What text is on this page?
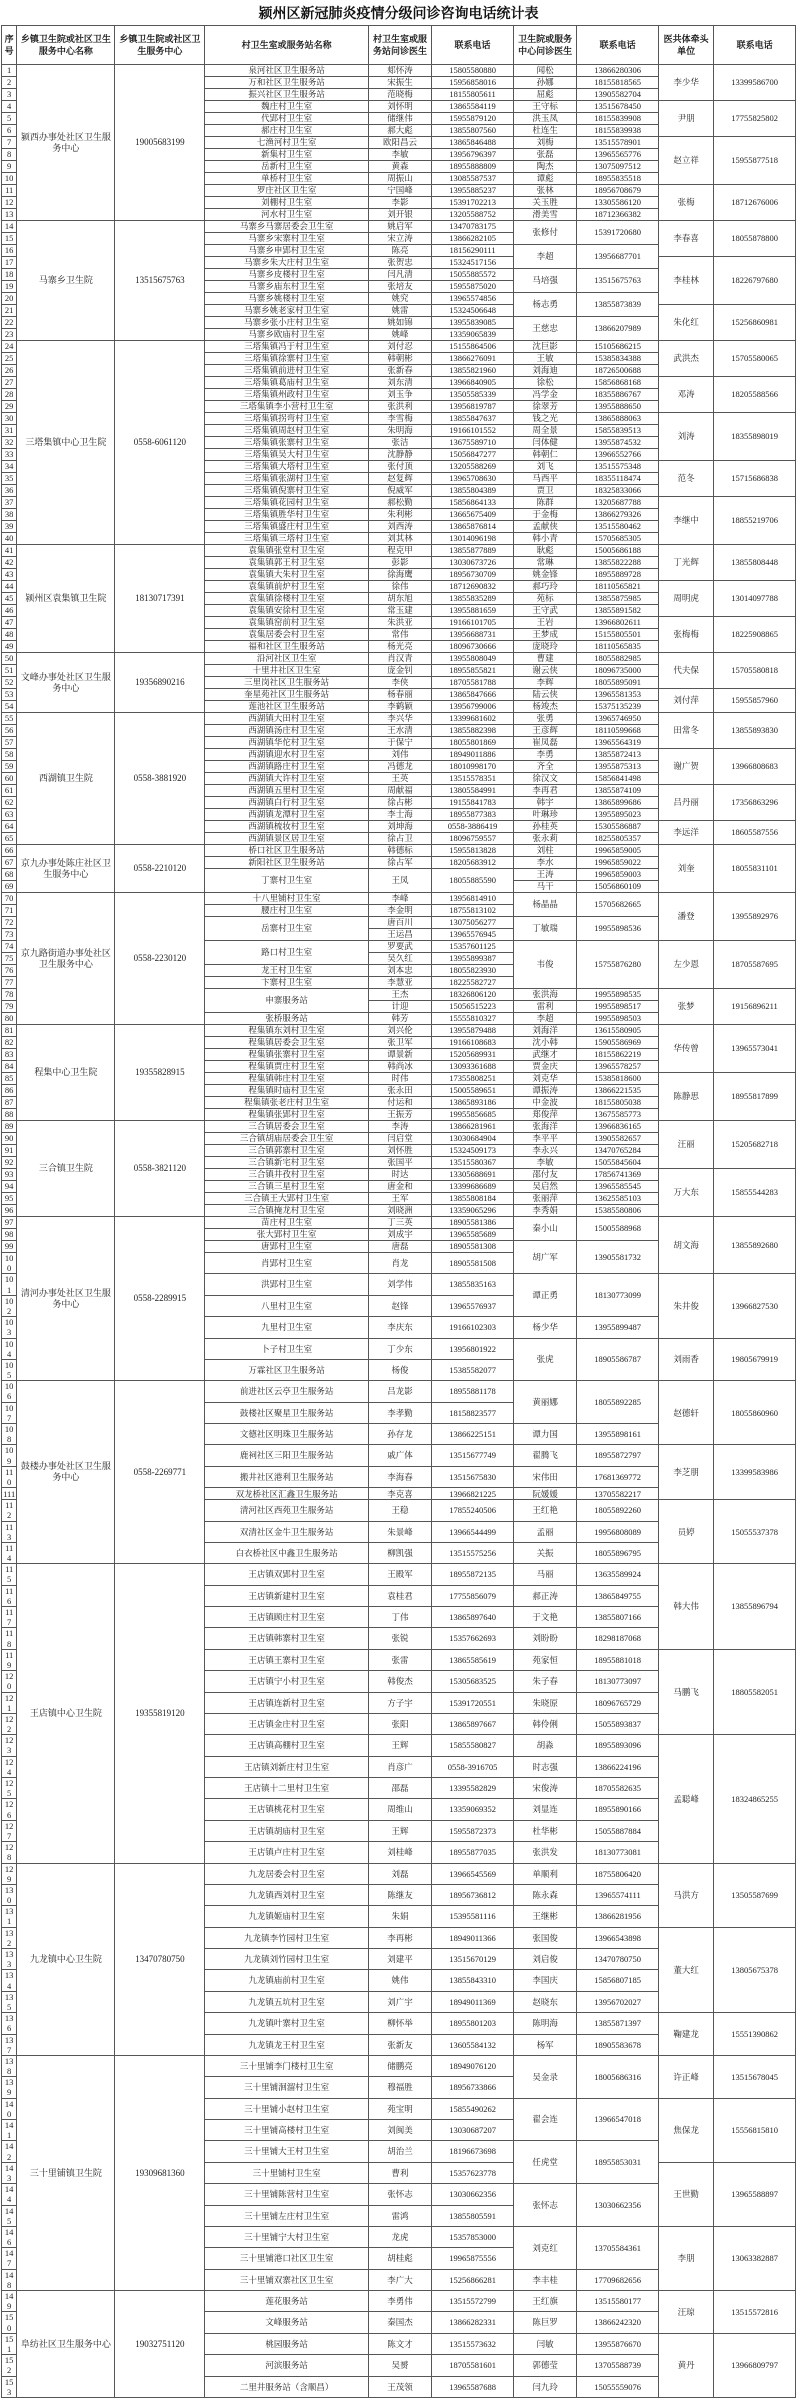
颍州区新冠肺炎疫情分级问诊咨询电话统计表
序号	乡镇卫生院或社区卫生服务中心名称	乡镇卫生院或社区卫生服务中心	村卫生室或服务站名称	村卫生室或服务站问诊医生	联系电话	卫生院或服务中心问诊医生	联系电话	医共体牵头单位	联系电话
1	颍西办事处社区卫生服务中心	19005683199	泉河社区卫生服务站	郏怀涛	15805580880	闻松	13866280306	李少华	13399586700
2			万和社区卫生服务站	宋振生	15956858016	孙娜	18155818565		
3			振兴社区卫生服务站	范晓梅	18155805611	屈彪	13905582704		
4			魏庄村卫生室	刘怀明	13865584119	王守标	13515678450	尹朋	17755825802
5			代郢村卫生室	储继伟	15955879120	洪玉凤	18155839908		
6			郝庄村卫生室	郝大彪	13855807560	杜连生	18155839938		
7			七渔河村卫生室	欧阳昌云	13865846488	刘梅	13515578901	赵立祥	15955877518
8			新集村卫生室	李敏	13956796397	张磊	13965565776		
9			岳新村卫生室	黄森	18955888809	陶杰	13075097512		
10			单桥村卫生室	周振山	13085587537	谭彪	18955835518		
11			罗庄社区卫生室	宁国峰	13955885237	张林	18956708679	张梅	18712676006
12			刘棚村卫生室	李影	15391702213	关玉胜	13305586120		
13			河水村卫生室	刘开银	13205588752	滑美雪	18712366382		
14	马寨乡卫生院	13515675763	马寨乡马寨居委会卫生室	姚启军	13470783175	张修付	15391720680	李春喜	18055878800
15			马寨乡宋寨村卫生室	宋立涛	13866282105				
16			马寨乡申郢村卫生室	陈亮	18156290111	李超	13956687701		
17			马寨乡朱大庄村卫生室	张贺忠	15324517156			李桂林	18226797680
18			马寨乡皮楼村卫生室	闫凡清	15055885572	马培强	13515675763		
19			马寨乡庙东村卫生室	张培友	15955875020				
20			马寨乡姚楼村卫生室	姚究	13965574856	杨志勇	13855873839		
21			马寨乡姚老家村卫生室	姚雷	15324506648			朱化红	15256860981
22			马寨乡张小庄村卫生室	姚如锦	13955839085	王慈忠	13866207989		
23			马寨乡欧庙村卫生室	姚峰	13359065839				
24	三塔集镇中心卫生院	0558-6061120	三塔集镇冯于村卫生室	刘付忍	15155864506	沈巨影	15105686215	武洪杰	15705580065
25			三塔集镇徐寨村卫生室	韩朝彬	13866276091	王敏	15385834388		
26			三塔集镇前进村卫生室	张新春	13855821960	刘海迪	18726500688		
27			三塔集镇葛庙村卫生室	刘东清	13966840905	徐松	15856868168	邓涛	18205588566
28			三塔集镇州政村卫生室	刘玉争	13505585339	冯学金	18355886767		
29			三塔集镇李小营村卫生室	张洪利	13956819787	徐翠芳	13955888650		
30			三塔集镇拐弯村卫生室	李雪梅	13855847637	钱之光	13865888063	刘涛	18355898019
31			三塔集镇周赵村卫生室	朱明海	19166101552	周全景	15855839513		
32			三塔集镇张寨村卫生室	张洁	13675589710	闫体健	13955874532		
33			三塔集镇吴大村卫生室	沈静静	15056847277	韩朝仁	13966552766		
34			三塔集镇大塔村卫生室	张付顶	13205588269	刘飞	13515575348	范冬	15715686838
35			三塔集镇张湖村卫生室	赵复辉	13965708630	马西平	18355118474		
36			三塔集镇倪寨村卫生室	倪威军	13855804389	贾卫	18325833066		
37			三塔集镇花园村卫生室	郝松勤	15856864133	陈群	13205687788	李继中	18855219706
38			三塔集镇胜华村卫生室	朱利彬	13665675409	于金梅	13866279326		
39			三塔集镇盛庄村卫生室	刘西涛	13865876814	孟献侠	13515580462		
40			三塔集镇三塔村卫生室	刘其林	13014096198	韩小青	15705685305		
41	颍州区袁集镇卫生院	18130717391	袁集镇张堂村卫生室	程克甲	13855877889	耿彪	15005686188	丁光辉	13855808448
42			袁集镇郭王村卫生室	彭影	13030673726	常琳	13855822288		
43			袁集镇大朱村卫生室	徐海鹰	18956730709	姚金锋	18955889728		
44			袁集镇前炉村卫生室	徐伟	18712690832	郝巧玲	18110565821	周明虎	13014097788
45			袁集镇徐楼村卫生室	胡东旭	13855835289	苑标	13855875985		
46			袁集镇安徐村卫生室	常玉建	13955881659	王守武	13855891582		
47			袁集镇窑前村卫生室	朱洪亚	19166101705	王岩	13966802611	张梅梅	18225908865
48			袁集居委会村卫生室	常伟	13956688731	王梦成	15155805501		
49			福和社区卫生服务站	杨光亮	18096730666	庞晓玲	18110565835		
50	文峰办事处社区卫生服务中心	19356890216	沿河社区卫生室	肖汉青	13955808049	曹建	18055882985	代夫保	15705580818
51			十里井社区卫生室	庞金钊	18955855821	谢云侠	18096735000		
52			三里岗社区卫生服务站	李侠	18705581788	李辉	18055895091		
53			奎星苑社区卫生服务站	杨春丽	13865847666	陆云侠	13965581353	刘付萍	15955857960
54			莲池社区卫生服务站	李鹤颖	13956799006	杨竣杰	15375135239		
55	西湖镇卫生院	0558-3881920	西湖镇大田村卫生室	李兴华	13399681602	张勇	13965746950	田常冬	13855893830
56			西湖镇汤庄村卫生室	王水清	13855882398	王彦辉	18110599668		
57			西湖镇华佗村卫生室	于保宁	18055801869	崔凤磊	13965564319		
58			西湖镇迎水村卫生室	刘伟	18949011886	李勇	13855872413	谢广贺	13966808683
59			西湖镇路庄村卫生室	冯德龙	18010998170	齐全	13955875313		
60			西湖镇大许村卫生室	王英	13515578351	徐汉文	15856841498		
61			西湖镇五里村卫生室	周献福	13805584991	李再君	13855874109	吕丹丽	17356863296
62			西湖镇白行村卫生室	徐占彬	19155841783	韩宇	13865899686		
63			西湖镇龙潭村卫生室	李士海	18955877383	叶琳珍	13955895023		
64			西湖镇梳妆村卫生室	刘坤海	0558-3886419	孙桂英	15305586887	李远洋	18605587556
65			西湖镇景区居卫生室	徐占卫	18096759557	张永莉	18255805357		
66	京九办事处陈庄社区卫生服务中心	0558-2210120	桥口社区卫生服务站	韩德标	15955813828	刘柱	19965859005	刘奎	18055831101
67			新阳社区卫生服务站	徐占军	18205683912	李水	19965859022		
68			丁寨村卫生室	王凤	18055885590	王涛	19965859003		
69						马干	15056860109		
70	京九路街道办事处社区卫生服务中心	0558-2230120	十八里铺村卫生室	李峰	13956814910	杨晶晶	15705682665	潘登	13955892976
71			腰庄村卫生室	李金明	18755813102				
72			岳寨村卫生室	唐百川	13075056277	丁敏瑞	19955898536		
73				王运昌	13965576945				
74			路口村卫生室	罗要武	15357601125	韦俊	15755876280	左少恩	18705587695
75				吴久红	13955899387				
76			龙王村卫生室	刘本忠	18055823930				
77			卞寨村卫生室	李慧亚	18225582727				
78			申寨服务站	王杰	18326806120	张洪海	19955898535	张梦	19156896211
79				计迎	15056515223	雷利	19955898517		
80			张桥服务站	韩芳	15555810327	李超	19955898503		
81	程集中心卫生院	19355828915	程集镇东刘村卫生室	刘兴伦	13955879488	刘海洋	13615580905	华传曾	13965573041
82			程集镇居委会卫生室	张卫军	19166108683	沈小韩	15905586969		
83			程集镇张寨村卫生室	谭景新	15205689931	武继才	18155862219		
84			程集镇贾庄村卫生室	韩尚冰	13093361688	贾金庆	13965578257		
85			程集镇韩庄村卫生室	时伟	17355808251	刘克华	15385818600	陈静思	18955817899
86			程集镇时庙村卫生室	张永田	15005589651	谭振涛	13866221535		
87			程集镇张老庄村卫生室	付运和	13865893186	中金波	18155805038		
88			程集镇张郢村卫生室	王振芳	19955856685	郑俊萍	13675585773		
89	三合镇卫生院	0558-3821120	三合镇居委会卫生室	李涛	13866281961	张海洋	13966836165	汪丽	15205682718
90			三合镇胡庙居委会卫生室	闫启堂	13030684904	李平平	13905582657		
91			三合镇郭寨村卫生室	刘怀胜	15324509173	李永兴	13470765284		
92			三合镇新宅村卫生室	张国平	13515580367	李敏	15055845604		
93			三合镇井孜村卫生室	时达	13305688691	邵付友	17856741369	万大东	15855544283
94			三合镇三星村卫生室	唐金和	13399686689	吴启然	13965585545		
95			三合镇王大郢村卫生室	王军	13855808184	张丽萍	13625585103		
96			三合镇掩龙村卫生室	刘晓洲	13359065296	李秀娟	15385580806		
97	清河办事处社区卫生服务中心	0558-2289915	苗庄村卫生室	丁三英	18905581386	秦小山	15005588968	胡文海	13855892680
98			张大郢村卫生室	刘成宇	13965585689				
99			唐郢村卫生室	唐磊	18905581308	胡广军	13905581732		
100			肖郢村卫生室	肖龙	18905581508				
101			洪郢村卫生室	刘学伟	13855835163	谭正勇	18130773099	朱井俊	13966827530
102			八里村卫生室	赵锋	13965576937				
103			九里村卫生室	李庆东	19166102303	杨少华	13955899487		
104			卜子村卫生室	丁少东	13956801922	张虎	18905586787	刘雨香	19805679919
105			万霖社区卫生服务站	杨俊	15385582077				
106	鼓楼办事处社区卫生服务中心	0558-2269771	前进社区云亭卫生服务站	吕龙影	18955881178	黄丽娜	18055892285	赵德轩	18055860960
107			鼓楼社区聚星卫生服务站	李孝勤	18158823577				
108			文德社区明珠卫生服务站	孙存龙	13866225151	谭力国	13955898161		
109			鹿祠社区三阳卫生服务站	戚广体	13515677749	翟腾飞	18955872797	李芝朋	13399583986
110			搬井社区港利卫生服务站	李海春	13515675830	宋伟田	17681369772		
111			双龙桥社区汇鑫卫生服务站	李克喜	13966821225	阮媛媛	13705582217		
112			清河社区西苑卫生服务站	王稳	17855240506	王红艳	18055892260	员婷	15055537378
113			双清社区金牛卫生服务站	朱景峰	13966544499	孟丽	19956808089		
114			白衣桥社区中鑫卫生服务站	柳凯强	13515575256	关振	18055896795		
115	王店镇中心卫生院	19355819120	王店镇双郢村卫生室	王殿军	18955872135	马丽	13635589924	韩大伟	13855896794
116			王店镇新建村卫生室	袁桂君	17755856079	郝正涛	13865849755		
117			王店镇顾庄村卫生室	丁伟	13865897640	于文艳	13855807166		
118			王店镇韩寨村卫生室	张锐	15357662693	刘盼盼	18298187068		
119			王店镇王寨村卫生室	张雷	13865585619	苑家恒	18955881018	马鹏飞	18805582051
120			王店镇宁小村卫生室	韩俊杰	15305683525	朱子春	18130773097		
121			王店镇连新村卫生室	方子宇	15391720551	朱晓原	18096765729		
122			王店镇金庄村卫生室	张阳	13865897667	韩伶俐	15055893837		
123			王店镇高棚村卫生室	王辉	15855580827	胡淼	18955893096	孟聪峰	18324865255
124			王店镇刘新庄村卫生室	肖彦广	0558-3916705	时志强	13866224196		
125			王店镇十二里村卫生室	邵磊	13395582829	宋俊涛	18705582635		
126			王店镇桃花村卫生室	周维山	13359069352	刘显连	18955890166		
127			王店镇胡庙村卫生室	王辉	15955872373	杜华彬	15055887884		
128			王店镇卢庄村卫生室	刘桂峰	18955877035	张洪发	18130773081		
129	九龙镇中心卫生院	13470780750	九龙居委会村卫生室	刘磊	13966545569	单顺利	18755806420	马洪方	13505587699
130			九龙镇西刘村卫生室	陈继友	18956736812	陈永森	13965574111		
131			九龙镇姬庙村卫生室	朱娟	15395581116	王继彬	13866281956		
132			九龙镇李竹园村卫生室	李再彬	18949011366	张国俊	13966543898	董大红	13805675378
133			九龙镇刘竹园村卫生室	刘建平	13515670129	刘启俊	13470780750		
134			九龙镇庙前村卫生室	姚伟	13855843310	李国庆	15856807185		
135			九龙镇五坑村卫生室	刘广宇	18949011369	赵晓东	13956702027		
136			九龙镇叶寨村卫生室	柳怀举	18955801203	陈明海	13855871397	鞠建龙	15551390862
137			九龙镇龙王村卫生室	张新友	13605584132	杨军	18905583678		
138	三十里铺镇卫生院	19309681360	三十里铺李门楼村卫生室	储鹏亮	18949076120	吴金录	18005686316	许正峰	13515678045
139			三十里铺洄溜村卫生室	穆福胜	18956733866				
140			三十里铺小赵村卫生室	苑宝明	15855490262	翟会连	13966547018	焦保龙	15556815810
141			三十里铺高楼村卫生室	刘闽美	13030687207				
142			三十里铺大王村卫生室	胡治兰	18196673698	任虎堂	18955853031		
143			三十里铺村卫生室	曹利	15357623778			王世勤	13965588897
144			三十里铺陈营村卫生室	张怀志	13030662356	张怀志	13030662356		
145			三十里铺左庄村卫生室	雷鸿	13855805591				
146			三十里铺宁大村卫生室	龙虎	15357853000	刘克红	13705584361	李朋	13063382887
147			三十里铺港口社区卫生室	胡桂彪	19965875556				
148			三十里铺双寨社区卫生室	李广大	15256866281	李丰桂	17709682656		
149	阜纺社区卫生服务中心	19032751120	莲花服务站	李勇伟	13515572799	王红旗	13515580177	汪琼	13515572816
150			文峰服务站	秦国杰	13866282331	陈巨罗	13866242320		
151			桃园服务站	陈文才	13515573632	闫敏	13955876670	黄丹	13966809797
152			河滨服务站	吴赟	18705581601	郭德莹	13705588739		
153			二里井服务站（含顺昌）	王茂领	13965587688	闫九玲	15055559076		
